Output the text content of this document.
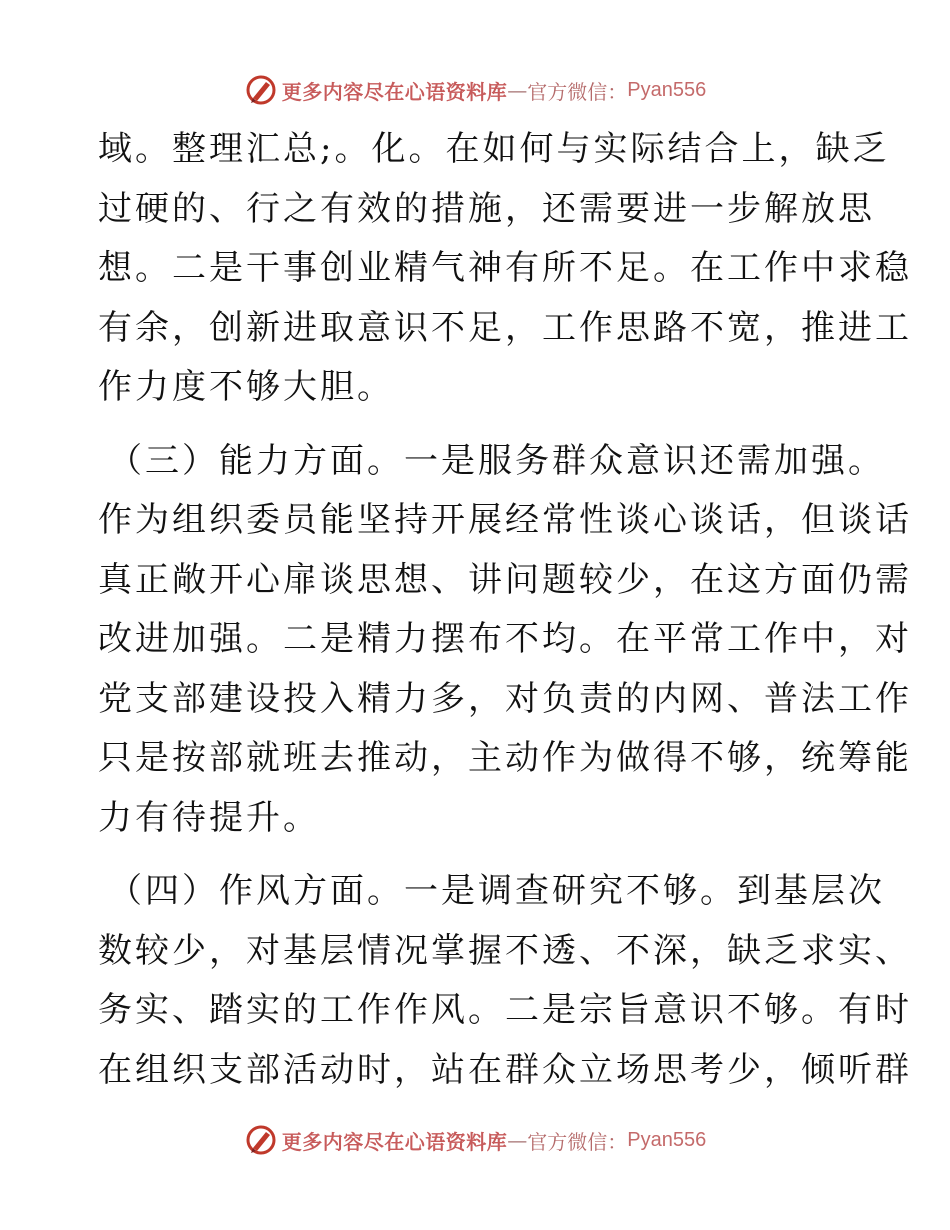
更多内容尽在心语资料库 — 官方微信： Pyan556

域。整理汇总;。化。在如何与实际结合上，缺乏
过硬的、行之有效的措施，还需要进一步解放思
想。二是干事创业精气神有所不足。在工作中求稳
有余，创新进取意识不足，工作思路不宽，推进工
作力度不够大胆。

（三）能力方面。一是服务群众意识还需加强。
作为组织委员能坚持开展经常性谈心谈话，但谈话
真正敞开心扉谈思想、讲问题较少，在这方面仍需
改进加强。二是精力摆布不均。在平常工作中，对
党支部建设投入精力多，对负责的内网、普法工作
只是按部就班去推动，主动作为做得不够，统筹能
力有待提升。

（四）作风方面。一是调查研究不够。到基层次
数较少，对基层情况掌握不透、不深，缺乏求实、
务实、踏实的工作作风。二是宗旨意识不够。有时
在组织支部活动时，站在群众立场思考少，倾听群

更多内容尽在心语资料库 — 官方微信： Pyan556
